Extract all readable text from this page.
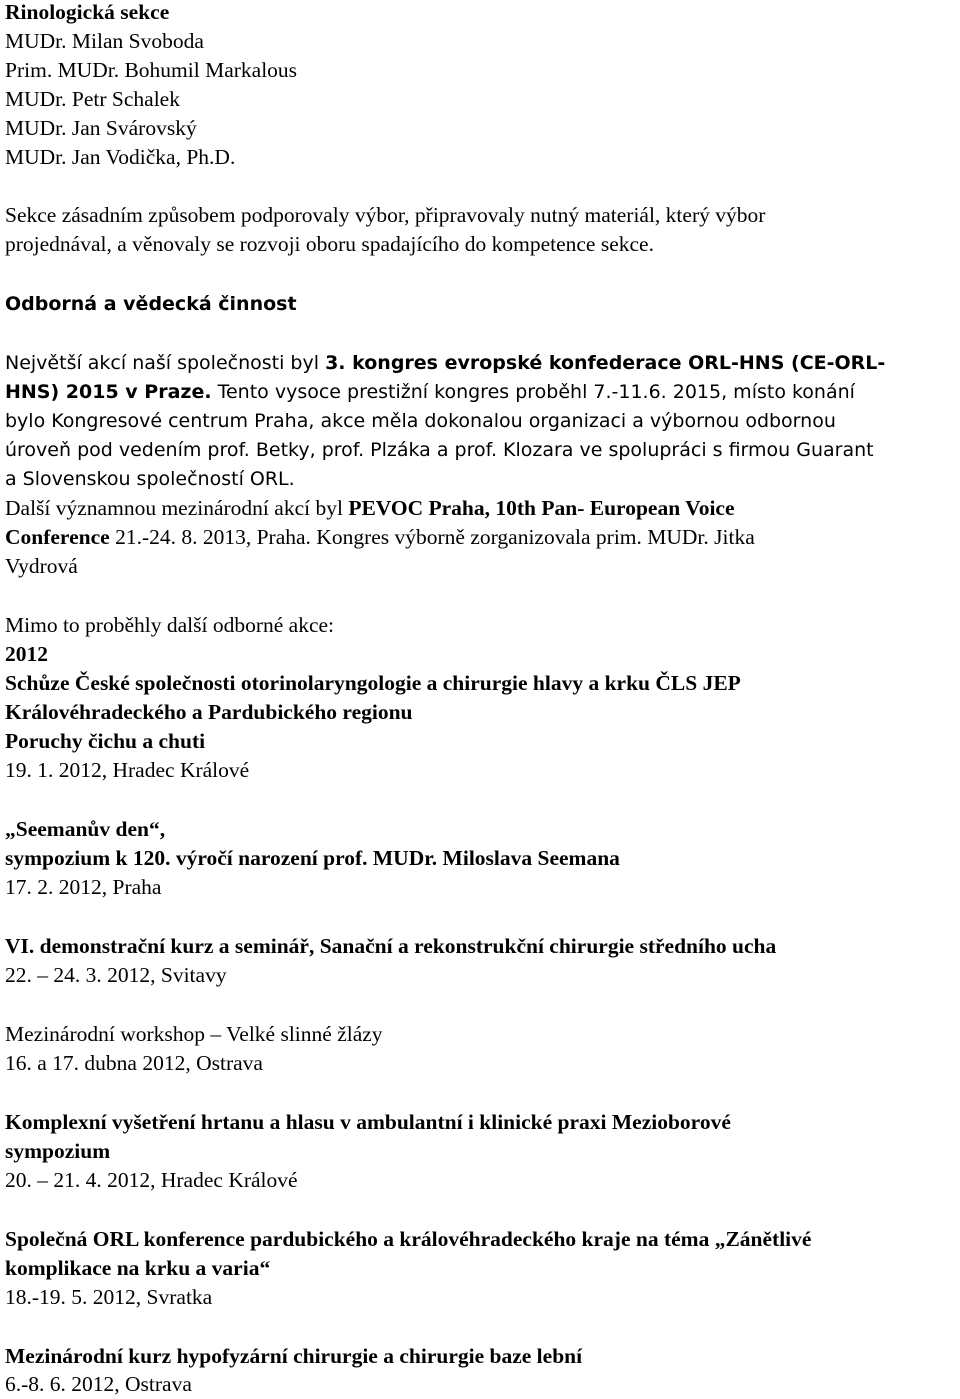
Rinologická sekce
MUDr. Milan Svoboda
Prim. MUDr. Bohumil Markalous
MUDr. Petr Schalek
MUDr. Jan Svárovský
MUDr. Jan Vodička, Ph.D.
Sekce zásadním způsobem podporovaly výbor, připravovaly nutný materiál, který výbor
projednával, a věnovaly se rozvoji oboru spadajícího do kompetence sekce.
Odborná a vědecká činnost
Největší akcí naší společnosti byl 3. kongres evropské konfederace ORL-HNS (CE-ORL-
HNS) 2015 v Praze. Tento vysoce prestižní kongres proběhl 7.-11.6. 2015, místo konání
bylo Kongresové centrum Praha, akce měla dokonalou organizaci a výbornou odbornou
úroveň pod vedením prof. Betky, prof. Plzáka a prof. Klozara ve spolupráci s firmou Guarant
a Slovenskou společností ORL.
Další významnou mezinárodní akcí byl PEVOC Praha, 10th Pan- European Voice
Conference 21.-24. 8. 2013, Praha. Kongres výborně zorganizovala prim. MUDr. Jitka
Vydrová
Mimo to proběhly další odborné akce:
2012
Schůze České společnosti otorinolaryngologie a chirurgie hlavy a krku ČLS JEP
Královéhradeckého a Pardubického regionu
Poruchy čichu a chuti
19. 1. 2012, Hradec Králové
„Seemanův den“,
sympozium k 120. výročí narození prof. MUDr. Miloslava Seemana
17. 2. 2012, Praha
VI. demonstrační kurz a seminář, Sanační a rekonstrukční chirurgie středního ucha
22. – 24. 3. 2012, Svitavy
Mezinárodní workshop – Velké slinné žlázy
16. a 17. dubna 2012, Ostrava
Komplexní vyšetření hrtanu a hlasu v ambulantní i klinické praxi Mezioborové
sympozium
20. – 21. 4. 2012, Hradec Králové
Společná ORL konference pardubického a královéhradeckého kraje na téma „Zánětlivé
komplikace na krku a varia“
18.-19. 5. 2012, Svratka
Mezinárodní kurz hypofyzární chirurgie a chirurgie baze lební
6.-8. 6. 2012, Ostrava
